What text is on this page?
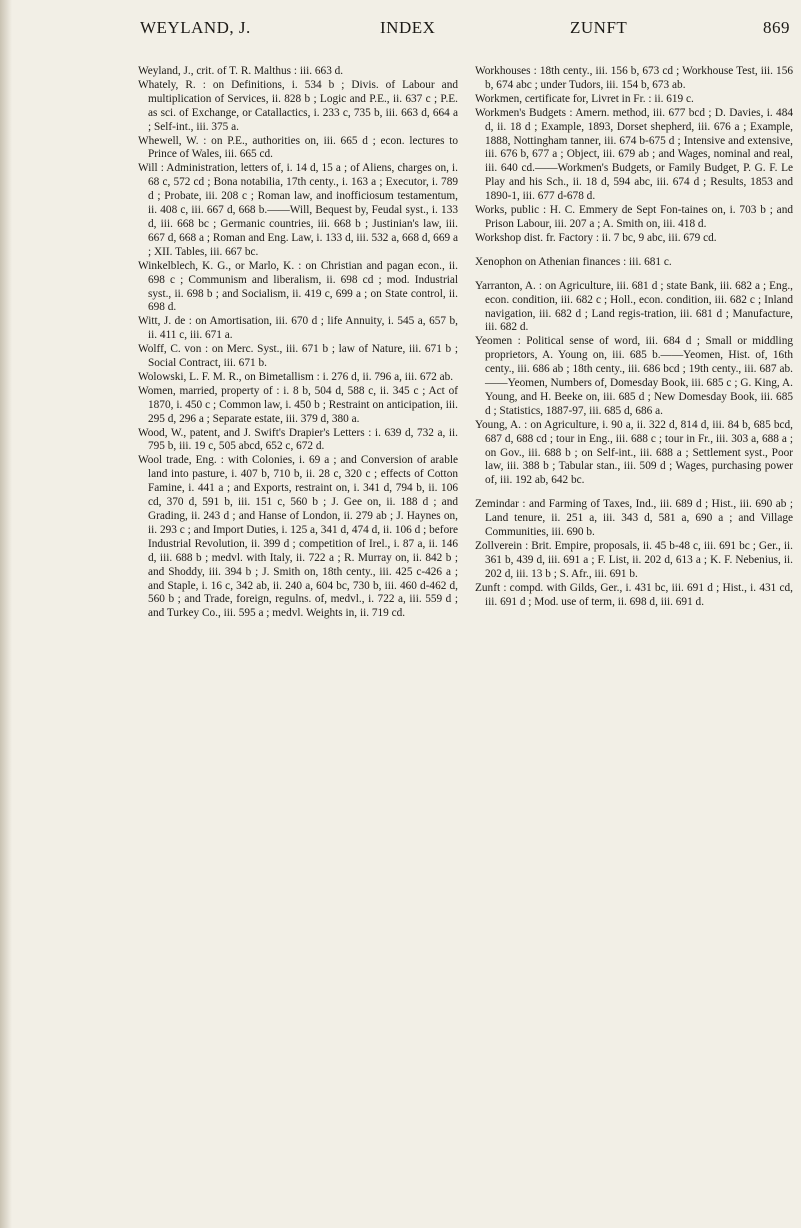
WEYLAND, J.	INDEX	ZUNFT	869

Weyland, J., crit. of T. R. Malthus : iii. 663 d.

Whately, R. : on Definitions, i. 534 b ; Divis. of Labour and multiplication of Services, ii. 828 b ; Logic and P.E., ii. 637 c ; P.E. as sci. of Exchange, or Catallactics, i. 233 c, 735 b, iii. 663 d, 664 a ; Self-int., iii. 375 a.

Whewell, W. : on P.E., authorities on, iii. 665 d ; econ. lectures to Prince of Wales, iii. 665 cd.

Will : Administration, letters of, i. 14 d, 15 a ; of Aliens, charges on, i. 68 c, 572 cd ; Bona notabilia, 17th centy., i. 163 a ; Executor, i. 789 d ; Probate, iii. 208 c ; Roman law, and inofficiosum testamentum, ii. 408 c, iii. 667 d, 668 b.——Will, Bequest by, Feudal syst., i. 133 d, iii. 668 bc ; Germanic countries, iii. 668 b ; Justinian's law, iii. 667 d, 668 a ; Roman and Eng. Law, i. 133 d, iii. 532 a, 668 d, 669 a ; XII. Tables, iii. 667 bc.

Winkelblech, K. G., or Marlo, K. : on Christian and pagan econ., ii. 698 c ; Communism and liberalism, ii. 698 cd ; mod. Industrial syst., ii. 698 b ; and Socialism, ii. 419 c, 699 a ; on State control, ii. 698 d.

Witt, J. de : on Amortisation, iii. 670 d ; life Annuity, i. 545 a, 657 b, ii. 411 c, iii. 671 a.

Wolff, C. von : on Merc. Syst., iii. 671 b ; law of Nature, iii. 671 b ; Social Contract, iii. 671 b.

Wolowski, L. F. M. R., on Bimetallism : i. 276 d, ii. 796 a, iii. 672 ab.

Women, married, property of : i. 8 b, 504 d, 588 c, ii. 345 c ; Act of 1870, i. 450 c ; Common law, i. 450 b ; Restraint on anticipation, iii. 295 d, 296 a ; Separate estate, iii. 379 d, 380 a.

Wood, W., patent, and J. Swift's Drapier's Letters : i. 639 d, 732 a, ii. 795 b, iii. 19 c, 505 abcd, 652 c, 672 d.

Wool trade, Eng. : with Colonies, i. 69 a ; and Conversion of arable land into pasture, i. 407 b, 710 b, ii. 28 c, 320 c ; effects of Cotton Famine, i. 441 a ; and Exports, restraint on, i. 341 d, 794 b, ii. 106 cd, 370 d, 591 b, iii. 151 c, 560 b ; J. Gee on, ii. 188 d ; and Grading, ii. 243 d ; and Hanse of London, ii. 279 ab ; J. Haynes on, ii. 293 c ; and Import Duties, i. 125 a, 341 d, 474 d, ii. 106 d ; before Industrial Revolution, ii. 399 d ; competition of Irel., i. 87 a, ii. 146 d, iii. 688 b ; medvl. with Italy, ii. 722 a ; R. Murray on, ii. 842 b ; and Shoddy, iii. 394 b ; J. Smith on, 18th centy., iii. 425 c-426 a ; and Staple, i. 16 c, 342 ab, ii. 240 a, 604 bc, 730 b, iii. 460 d-462 d, 560 b ; and Trade, foreign, regulns. of, medvl., i. 722 a, iii. 559 d ; and Turkey Co., iii. 595 a ; medvl. Weights in, ii. 719 cd.

Workhouses : 18th centy., iii. 156 b, 673 cd ; Workhouse Test, iii. 156 b, 674 abc ; under Tudors, iii. 154 b, 673 ab.

Workmen, certificate for, Livret in Fr. : ii. 619 c.

Workmen's Budgets : Amern. method, iii. 677 bcd ; D. Davies, i. 484 d, ii. 18 d ; Example, 1893, Dorset shepherd, iii. 676 a ; Example, 1888, Nottingham tanner, iii. 674 b-675 d ; Intensive and extensive, iii. 676 b, 677 a ; Object, iii. 679 ab ; and Wages, nominal and real, iii. 640 cd.——Workmen's Budgets, or Family Budget, P. G. F. Le Play and his Sch., ii. 18 d, 594 abc, iii. 674 d ; Results, 1853 and 1890-1, iii. 677 d-678 d.

Works, public : H. C. Emmery de Sept Fon-taines on, i. 703 b ; and Prison Labour, iii. 207 a ; A. Smith on, iii. 418 d.

Workshop dist. fr. Factory : ii. 7 bc, 9 abc, iii. 679 cd.

Xenophon on Athenian finances : iii. 681 c.

Yarranton, A. : on Agriculture, iii. 681 d ; state Bank, iii. 682 a ; Eng., econ. condition, iii. 682 c ; Holl., econ. condition, iii. 682 c ; Inland navigation, iii. 682 d ; Land regis-tration, iii. 681 d ; Manufacture, iii. 682 d.

Yeomen : Political sense of word, iii. 684 d ; Small or middling proprietors, A. Young on, iii. 685 b.——Yeomen, Hist. of, 16th centy., iii. 686 ab ; 18th centy., iii. 686 bcd ; 19th centy., iii. 687 ab.——Yeomen, Numbers of, Domesday Book, iii. 685 c ; G. King, A. Young, and H. Beeke on, iii. 685 d ; New Domesday Book, iii. 685 d ; Statistics, 1887-97, iii. 685 d, 686 a.

Young, A. : on Agriculture, i. 90 a, ii. 322 d, 814 d, iii. 84 b, 685 bcd, 687 d, 688 cd ; tour in Eng., iii. 688 c ; tour in Fr., iii. 303 a, 688 a ; on Gov., iii. 688 b ; on Self-int., iii. 688 a ; Settlement syst., Poor law, iii. 388 b ; Tabular stan., iii. 509 d ; Wages, purchasing power of, iii. 192 ab, 642 bc.

Zemindar : and Farming of Taxes, Ind., iii. 689 d ; Hist., iii. 690 ab ; Land tenure, ii. 251 a, iii. 343 d, 581 a, 690 a ; and Village Communities, iii. 690 b.

Zollverein : Brit. Empire, proposals, ii. 45 b-48 c, iii. 691 bc ; Ger., ii. 361 b, 439 d, iii. 691 a ; F. List, ii. 202 d, 613 a ; K. F. Nebenius, ii. 202 d, iii. 13 b ; S. Afr., iii. 691 b.

Zunft : compd. with Gilds, Ger., i. 431 bc, iii. 691 d ; Hist., i. 431 cd, iii. 691 d ; Mod. use of term, ii. 698 d, iii. 691 d.
